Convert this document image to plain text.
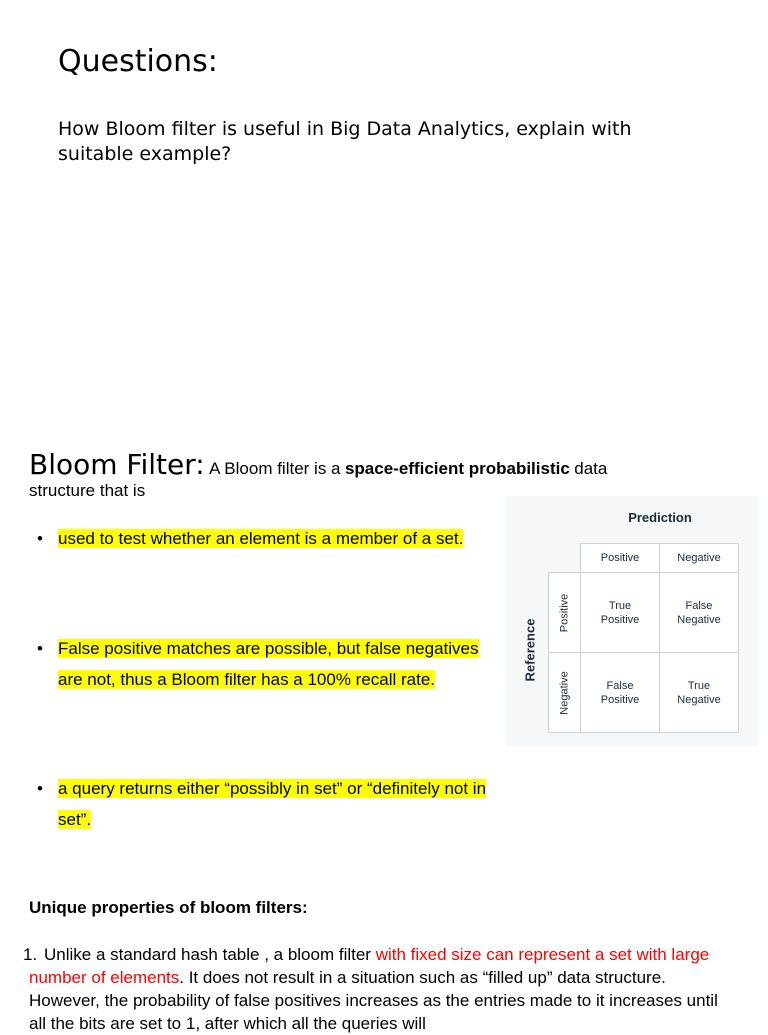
Questions:
How Bloom filter is useful in Big Data Analytics, explain with suitable example?
Bloom Filter: A Bloom filter is a space-efficient probabilistic data
structure that is
• used to test whether an element is a member of a set.
• False positive matches are possible, but false negatives are not, thus a Bloom filter has a 100% recall rate.
• a query returns either “possibly in set” or “definitely not in set”.
Prediction
Reference
Positive	Negative
Positive
Negative
True
Positive
False
Negative
False
Positive
True
Negative
Unique properties of bloom filters:
1. Unlike a standard hash table , a bloom filter with fixed size can represent a set with large number of elements. It does not result in a situation such as “filled up” data structure. However, the probability of false positives increases as the entries made to it increases until all the bits are set to 1, after which all the queries will
